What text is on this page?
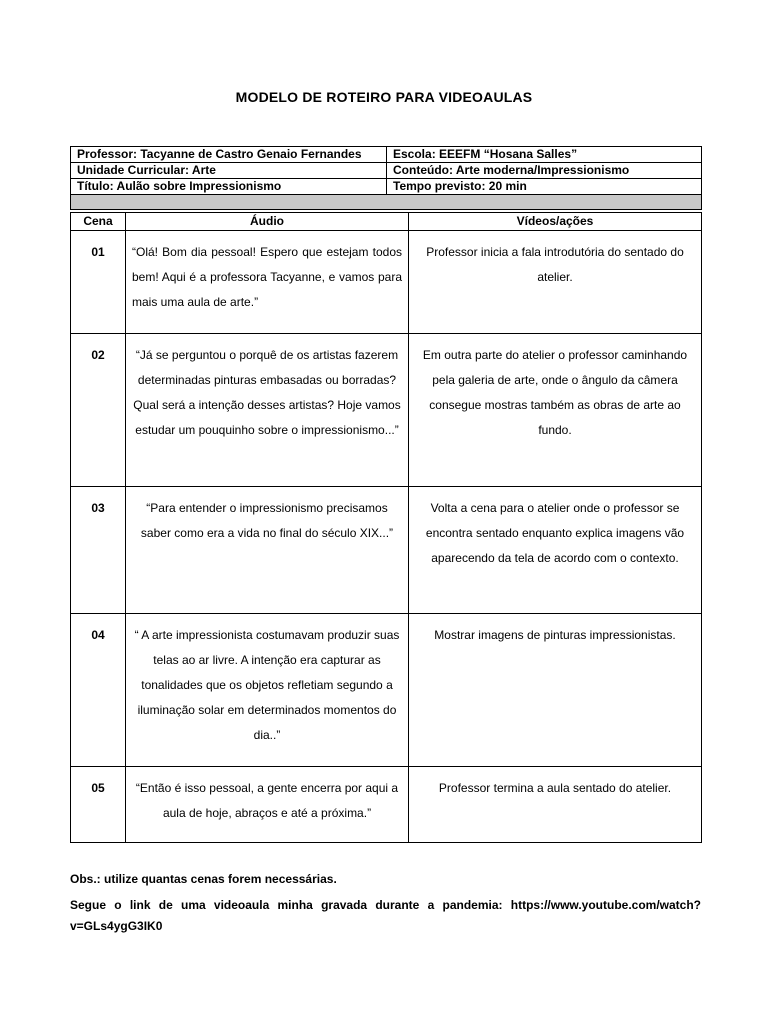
MODELO DE ROTEIRO PARA VIDEOAULAS
Professor: Tacyanne de Castro Genaio Fernandes	Escola: EEEFM “Hosana Salles”
Unidade Curricular: Arte	Conteúdo: Arte moderna/Impressionismo
Título: Aulão sobre Impressionismo	Tempo previsto: 20 min

Cena	Áudio	Vídeos/ações
01	“Olá! Bom dia pessoal! Espero que estejam todos bem! Aqui é a professora Tacyanne, e vamos para mais uma aula de arte.”	Professor inicia a fala introdutória do sentado do atelier.
02	“Já se perguntou o porquê de os artistas fazerem determinadas pinturas embasadas ou borradas? Qual será a intenção desses artistas? Hoje vamos estudar um pouquinho sobre o impressionismo...”	Em outra parte do atelier o professor caminhando pela galeria de arte, onde o ângulo da câmera consegue mostras também as obras de arte ao fundo.
03	“Para entender o impressionismo precisamos saber como era a vida no final do século XIX...”	Volta a cena para o atelier onde o professor se encontra sentado enquanto explica imagens vão aparecendo da tela de acordo com o contexto.
04	“ A arte impressionista costumavam produzir suas telas ao ar livre. A intenção era capturar as tonalidades que os objetos refletiam segundo a iluminação solar em determinados momentos do dia..”	Mostrar imagens de pinturas impressionistas.
05	“Então é isso pessoal, a gente encerra por aqui a aula de hoje, abraços e até a próxima.”	Professor termina a aula sentado do atelier.
Obs.: utilize quantas cenas forem necessárias.
Segue o link de uma videoaula minha gravada durante a pandemia: https://www.youtube.com/watch?v=GLs4ygG3IK0
